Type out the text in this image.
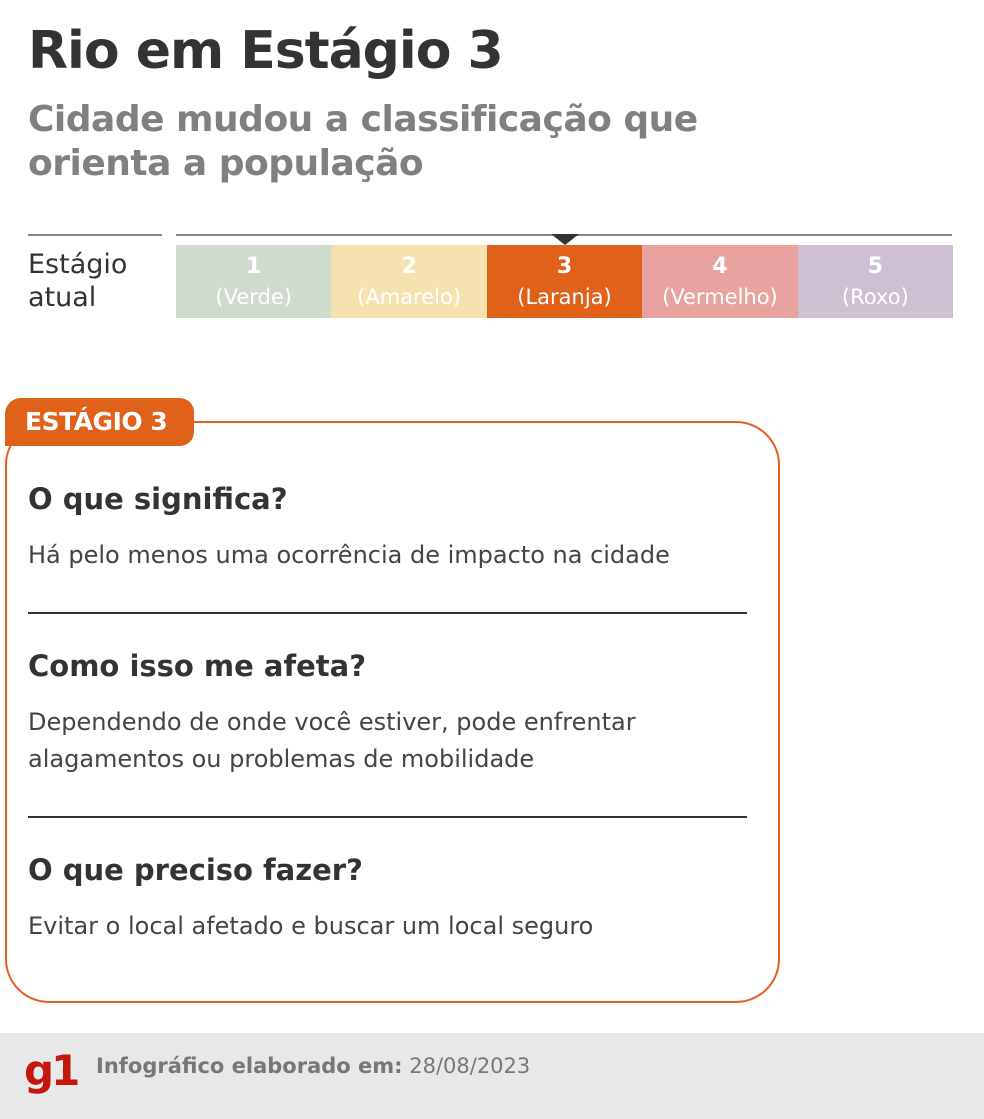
Rio em Estágio 3

Cidade mudou a classificação que orienta a população

Estágio
atual
1
(Verde)
2
(Amarelo)
3
(Laranja)
4
(Vermelho)
5
(Roxo)
ESTÁGIO 3
O que significa?

Há pelo menos uma ocorrência de impacto na cidade

Como isso me afeta?

Dependendo de onde você estiver, pode enfrentar alagamentos ou problemas de mobilidade

O que preciso fazer?

Evitar o local afetado e buscar um local seguro

g1 Infográfico elaborado em: 28/08/2023
